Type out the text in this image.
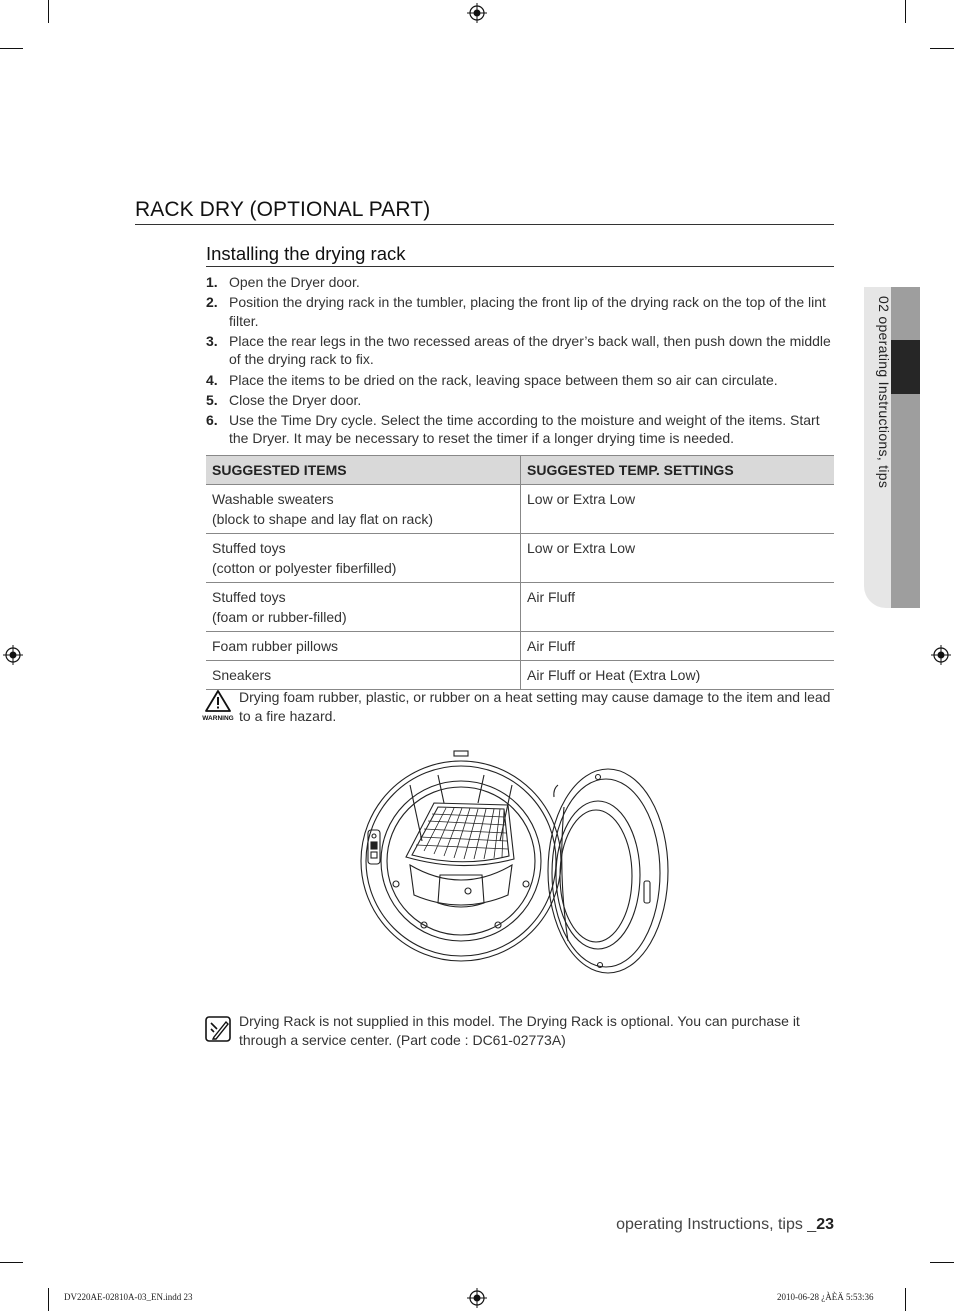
RACK DRY (OPTIONAL PART)
Installing the drying rack
1. Open the Dryer door.
2. Position the drying rack in the tumbler, placing the front lip of the drying rack on the top of the lint filter.
3. Place the rear legs in the two recessed areas of the dryer’s back wall, then push down the middle of the drying rack to fix.
4. Place the items to be dried on the rack, leaving space between them so air can circulate.
5. Close the Dryer door.
6. Use the Time Dry cycle. Select the time according to the moisture and weight of the items. Start the Dryer. It may be necessary to reset the timer if a longer drying time is needed.
SUGGESTED ITEMS	SUGGESTED TEMP. SETTINGS

Washable sweaters
(block to shape and lay flat on rack)	Low or Extra Low

Stuffed toys
(cotton or polyester fiberfilled)	Low or Extra Low

Stuffed toys
(foam or rubber-filled)	Air Fluff

Foam rubber pillows	Air Fluff

Sneakers	Air Fluff or Heat (Extra Low)
WARNING
Drying foam rubber, plastic, or rubber on a heat setting may cause damage to the item and lead to a fire hazard.
Drying Rack is not supplied in this model. The Drying Rack is optional. You can purchase it through a service center. (Part code : DC61-02773A)
02 operating Instructions, tips
operating Instructions, tips _23
DV220AE-02810A-03_EN.indd 23	2010-06-28 ¿ÀÈÄ 5:53:36
